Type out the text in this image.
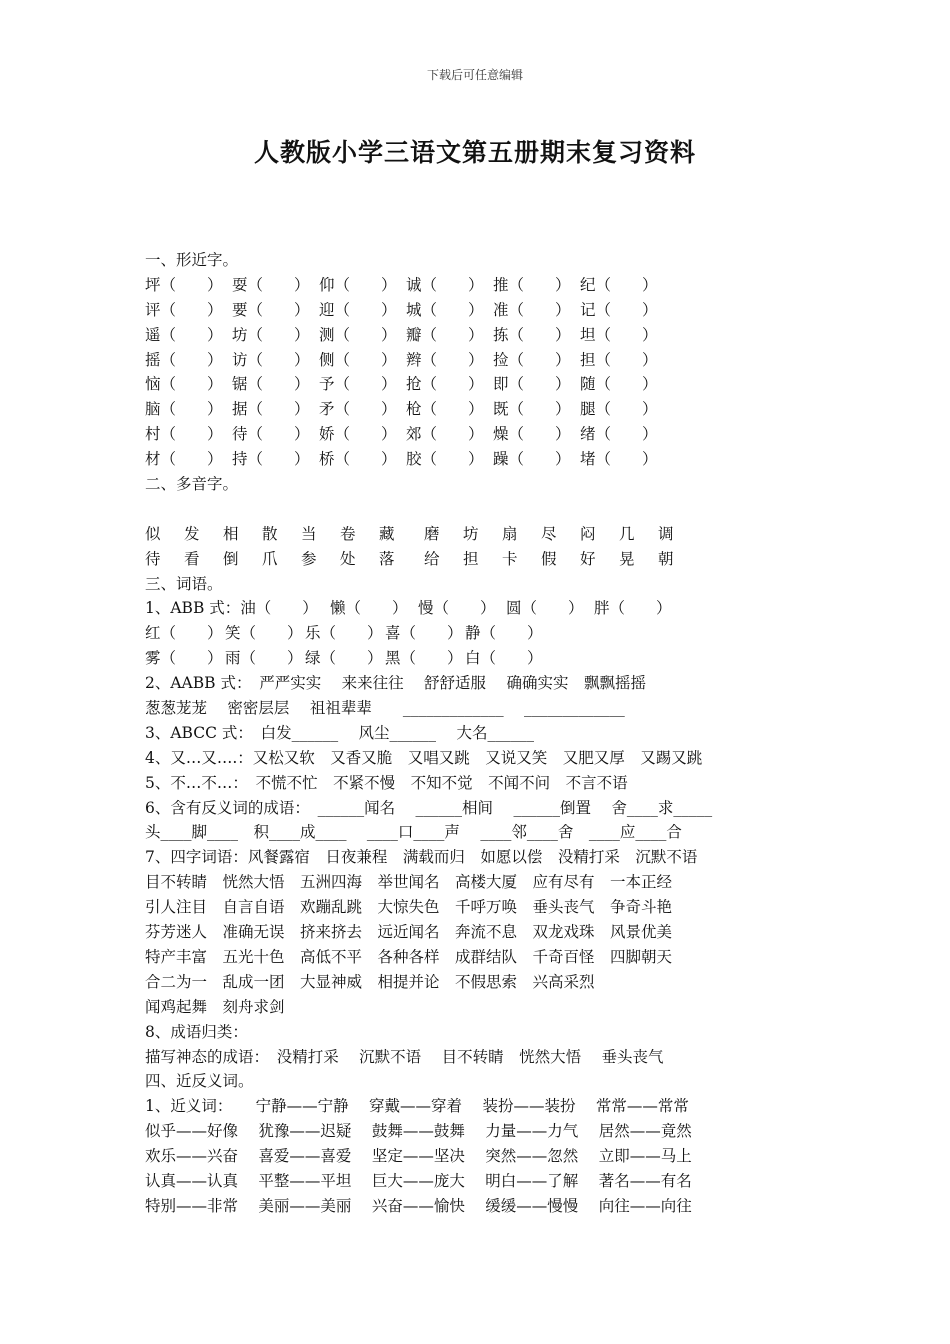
下载后可任意编辑
人教版小学三语文第五册期末复习资料
一、形近字。
坪（　　） 耍（　　） 仰（　　） 诚（　　） 推（　　） 纪（　　）
评（　　） 要（　　） 迎（　　） 城（　　） 准（　　） 记（　　）
遥（　　） 坊（　　） 测（　　） 瓣（　　） 拣（　　） 坦（　　）
摇（　　） 访（　　） 侧（　　） 辫（　　） 捡（　　） 担（　　）
恼（　　） 锯（　　） 予（　　） 抢（　　） 即（　　） 随（　　）
脑（　　） 据（　　） 矛（　　） 枪（　　） 既（　　） 腿（　　）
村（　　） 待（　　） 娇（　　） 郊（　　） 燥（　　） 绪（　　）
材（　　） 持（　　） 桥（　　） 胶（　　） 躁（　　） 堵（　　）
二、多音字。
似	发	相	散	当	卷	藏	磨	坊	扇	尽	闷	几	调
待	看	倒	爪	参	处	落	给	担	卡	假	好	晃	朝
三、词语。
1、ABB 式：油（　　） 懒（　　） 慢（　　） 圆（　　） 胖（　　）
红（　　） 笑（　　） 乐（　　） 喜（　　） 静（　　）
雾（　　） 雨（　　） 绿（　　） 黑（　　） 白（　　）
2、AABB 式：　严严实实　 来来往往　 舒舒适服　 确确实实　飘飘摇摇
葱葱茏茏　 密密层层　 祖祖辈辈　　_____________　 _____________
3、ABCC 式：　白发______　 风尘______　 大名______
4、又…又….：又松又软　又香又脆　又唱又跳　又说又笑　又肥又厚　又踢又跳
5、不…不…：　不慌不忙　不紧不慢　不知不觉　不闻不问　不言不语
6、含有反义词的成语：　______闻名　 ______相间　 ______倒置　 舍____求_____
头____脚____　积____成____　 ____口____声　 ____邻____舍　____应____合
7、四字词语：风餐露宿　日夜兼程　满载而归　如愿以偿　没精打采　沉默不语
目不转睛　恍然大悟　五洲四海　举世闻名　高楼大厦　应有尽有　一本正经
引人注目　自言自语　欢蹦乱跳　大惊失色　千呼万唤　垂头丧气　争奇斗艳
芬芳迷人　准确无误　挤来挤去　远近闻名　奔流不息　双龙戏珠　风景优美
特产丰富　五光十色　高低不平　各种各样　成群结队　千奇百怪　四脚朝天
合二为一　乱成一团　大显神威　相提并论　不假思索　兴高采烈
闻鸡起舞　刻舟求剑
8、成语归类：
描写神态的成语：　没精打采　 沉默不语　 目不转睛　恍然大悟　 垂头丧气
四、近反义词。
1、近义词：　　宁静——宁静　 穿戴——穿着　 装扮——装扮　 常常——常常
似乎——好像　 犹豫——迟疑　 鼓舞——鼓舞　 力量——力气　 居然——竟然
欢乐——兴奋　 喜爱——喜爱　 坚定——坚决　 突然——忽然　 立即——马上
认真——认真　 平整——平坦　 巨大——庞大　 明白——了解　 著名——有名
特别——非常　 美丽——美丽　 兴奋——愉快　 缓缓——慢慢　 向往——向往
